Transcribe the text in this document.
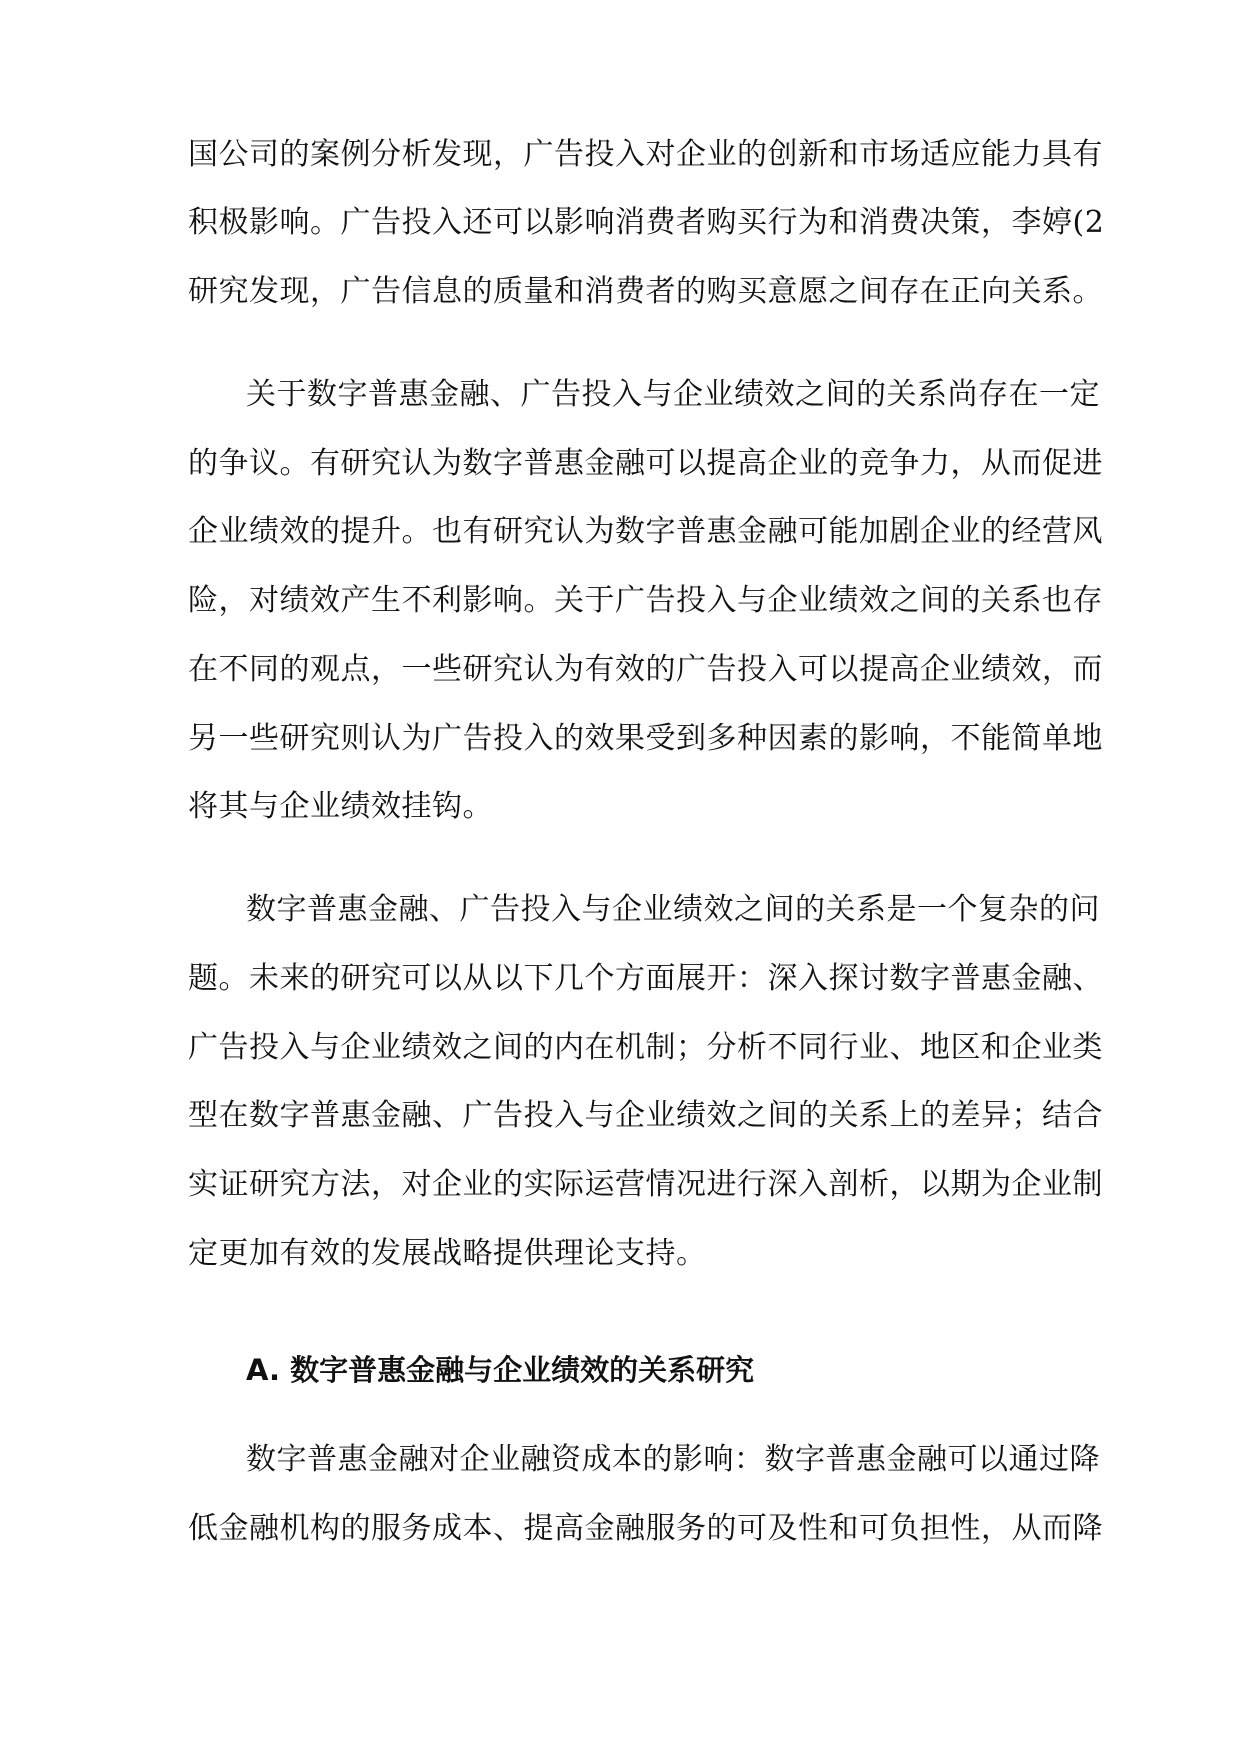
国公司的案例分析发现，广告投入对企业的创新和市场适应能力具有
积极影响。广告投入还可以影响消费者购买行为和消费决策，李婷(2
研究发现，广告信息的质量和消费者的购买意愿之间存在正向关系。
关于数字普惠金融、广告投入与企业绩效之间的关系尚存在一定
的争议。有研究认为数字普惠金融可以提高企业的竞争力，从而促进
企业绩效的提升。也有研究认为数字普惠金融可能加剧企业的经营风
险，对绩效产生不利影响。关于广告投入与企业绩效之间的关系也存
在不同的观点，一些研究认为有效的广告投入可以提高企业绩效，而
另一些研究则认为广告投入的效果受到多种因素的影响，不能简单地
将其与企业绩效挂钩。
数字普惠金融、广告投入与企业绩效之间的关系是一个复杂的问
题。未来的研究可以从以下几个方面展开：深入探讨数字普惠金融、
广告投入与企业绩效之间的内在机制；分析不同行业、地区和企业类
型在数字普惠金融、广告投入与企业绩效之间的关系上的差异；结合
实证研究方法，对企业的实际运营情况进行深入剖析，以期为企业制
定更加有效的发展战略提供理论支持。
A. 数字普惠金融与企业绩效的关系研究
数字普惠金融对企业融资成本的影响：数字普惠金融可以通过降
低金融机构的服务成本、提高金融服务的可及性和可负担性，从而降
